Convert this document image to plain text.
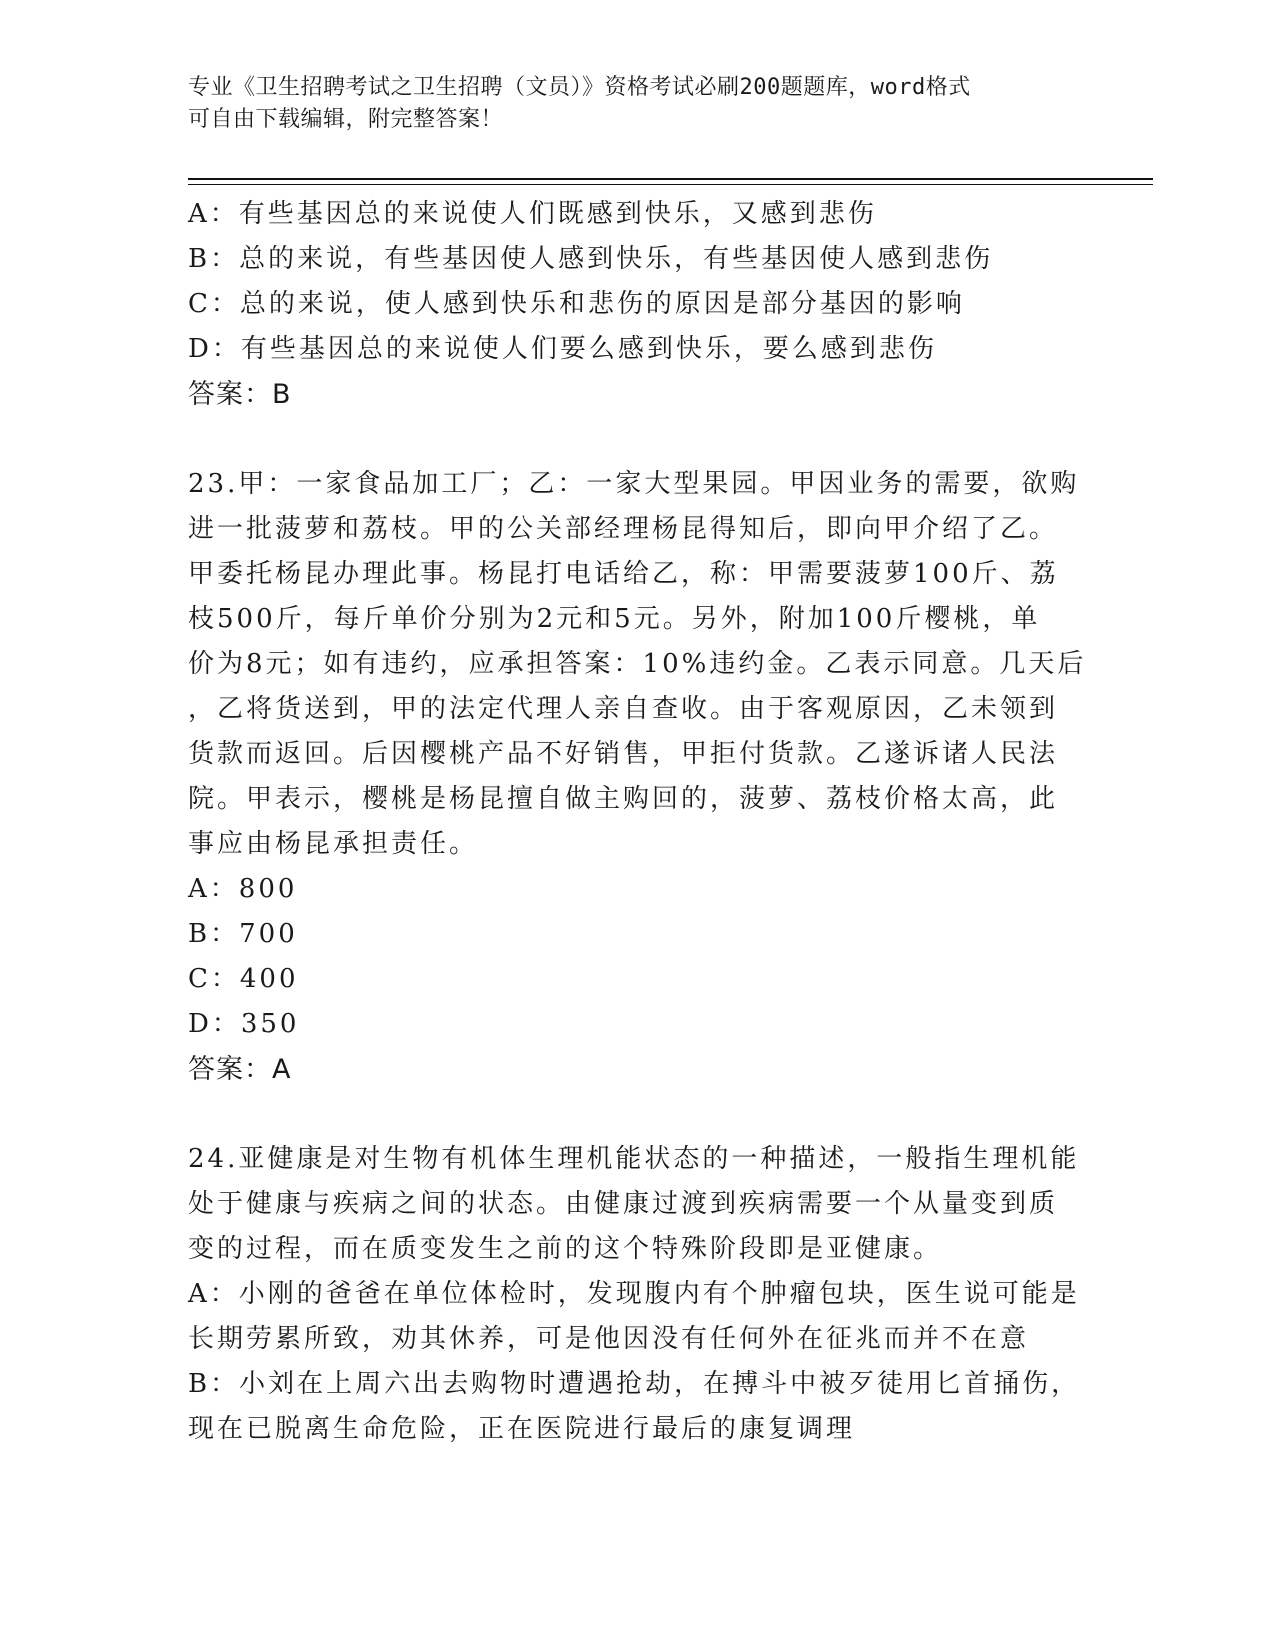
专业《卫生招聘考试之卫生招聘（文员）》资格考试必刷200题题库，word格式
可自由下载编辑，附完整答案！
A：有些基因总的来说使人们既感到快乐，又感到悲伤
B：总的来说，有些基因使人感到快乐，有些基因使人感到悲伤
C：总的来说，使人感到快乐和悲伤的原因是部分基因的影响
D：有些基因总的来说使人们要么感到快乐，要么感到悲伤
答案：B
23.甲：一家食品加工厂；乙：一家大型果园。甲因业务的需要，欲购
进一批菠萝和荔枝。甲的公关部经理杨昆得知后，即向甲介绍了乙。
甲委托杨昆办理此事。杨昆打电话给乙，称：甲需要菠萝100斤、荔
枝500斤，每斤单价分别为2元和5元。另外，附加100斤樱桃，单
价为8元；如有违约，应承担答案：10%违约金。乙表示同意。几天后
，乙将货送到，甲的法定代理人亲自查收。由于客观原因，乙未领到
货款而返回。后因樱桃产品不好销售，甲拒付货款。乙遂诉诸人民法
院。甲表示，樱桃是杨昆擅自做主购回的，菠萝、荔枝价格太高，此
事应由杨昆承担责任。
A：800
B：700
C：400
D：350
答案：A
24.亚健康是对生物有机体生理机能状态的一种描述，一般指生理机能
处于健康与疾病之间的状态。由健康过渡到疾病需要一个从量变到质
变的过程，而在质变发生之前的这个特殊阶段即是亚健康。
A：小刚的爸爸在单位体检时，发现腹内有个肿瘤包块，医生说可能是
长期劳累所致，劝其休养，可是他因没有任何外在征兆而并不在意
B：小刘在上周六出去购物时遭遇抢劫，在搏斗中被歹徒用匕首捅伤，
现在已脱离生命危险，正在医院进行最后的康复调理
